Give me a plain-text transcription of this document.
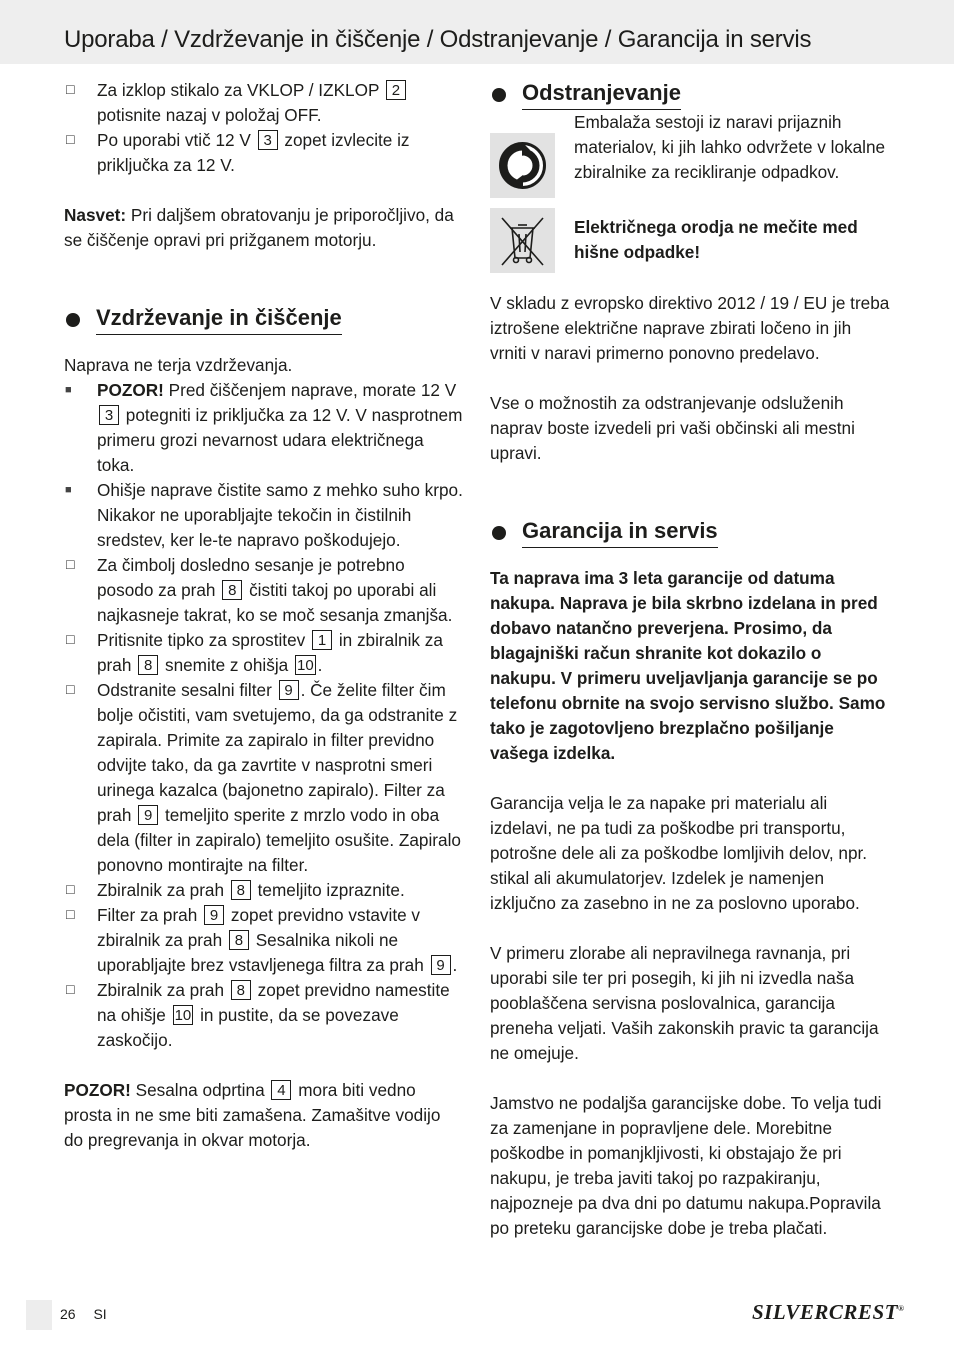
Uporaba / Vzdrževanje in čiščenje / Odstranjevanje / Garancija in servis
☐ Za izklop stikalo za VKLOP / IZKLOP 2 potisnite nazaj v položaj OFF.
☐ Po uporabi vtič 12 V 3 zopet izvlecite iz priključka za 12 V.

Nasvet: Pri daljšem obratovanju je priporočljivo, da se čiščenje opravi pri prižganem motorju.

Vzdrževanje in čiščenje

Naprava ne terja vzdrževanja.

■ POZOR! Pred čiščenjem naprave, morate 12 V 3 potegniti iz priključka za 12 V. V nasprotnem primeru grozi nevarnost udara električnega toka.
■ Ohišje naprave čistite samo z mehko suho krpo. Nikakor ne uporabljajte tekočin in čistilnih sredstev, ker le-te napravo poškodujejo.
☐ Za čimbolj dosledno sesanje je potrebno posodo za prah 8 čistiti takoj po uporabi ali najkasneje takrat, ko se moč sesanja zmanjša.
☐ Pritisnite tipko za sprostitev 1 in zbiralnik za prah 8 snemite z ohišja 10 .
☐ Odstranite sesalni filter 9 . Če želite filter čim bolje očistiti, vam svetujemo, da ga odstranite z zapirala. Primite za zapiralo in filter previdno odvijte tako, da ga zavrtite v nasprotni smeri urinega kazalca (bajonetno zapiralo). Filter za prah 9 temeljito sperite z mrzlo vodo in oba dela (filter in zapiralo) temeljito osušite. Zapiralo ponovno montirajte na filter.
☐ Zbiralnik za prah 8 temeljito izpraznite.
☐ Filter za prah 9 zopet previdno vstavite v zbiralnik za prah 8 Sesalnika nikoli ne uporabljajte brez vstavljenega filtra za prah 9 .
☐ Zbiralnik za prah 8 zopet previdno namestite na ohišje 10 in pustite, da se povezave zaskočijo.

POZOR! Sesalna odprtina 4 mora biti vedno prosta in ne sme biti zamašena. Zamašitve vodijo do pregrevanja in okvar motorja.

Odstranjevanje

Embalaža sestoji iz naravi prijaznih materialov, ki jih lahko odvržete v lokalne zbiralnike za recikliranje odpadkov.

Električnega orodja ne mečite med hišne odpadke!

V skladu z evropsko direktivo 2012 / 19 / EU je treba iztrošene električne naprave zbirati ločeno in jih vrniti v naravi primerno ponovno predelavo.

Vse o možnostih za odstranjevanje odsluženih naprav boste izvedeli pri vaši občinski ali mestni upravi.

Garancija in servis

Ta naprava ima 3 leta garancije od datuma nakupa. Naprava je bila skrbno izdelana in pred dobavo natančno preverjena. Prosimo, da blagajniški račun shranite kot dokazilo o nakupu. V primeru uveljavljanja garancije se po telefonu obrnite na svojo servisno službo. Samo tako je zagotovljeno brezplačno pošiljanje vašega izdelka.

Garancija velja le za napake pri materialu ali izdelavi, ne pa tudi za poškodbe pri transportu, potrošne dele ali za poškodbe lomljivih delov, npr. stikal ali akumulatorjev. Izdelek je namenjen izključno za zasebno in ne za poslovno uporabo.

V primeru zlorabe ali nepravilnega ravnanja, pri uporabi sile ter pri posegih, ki jih ni izvedla naša pooblaščena servisna poslovalnica, garancija preneha veljati. Vaših zakonskih pravic ta garancija ne omejuje.

Jamstvo ne podaljša garancijske dobe. To velja tudi za zamenjane in popravljene dele. Morebitne poškodbe in pomanjkljivosti, ki obstajajo že pri nakupu, je treba javiti takoj po razpakiranju, najpozneje pa dva dni po datumu nakupa.Popravila po preteku garancijske dobe je treba plačati.

26 SI	SILVERCREST®
